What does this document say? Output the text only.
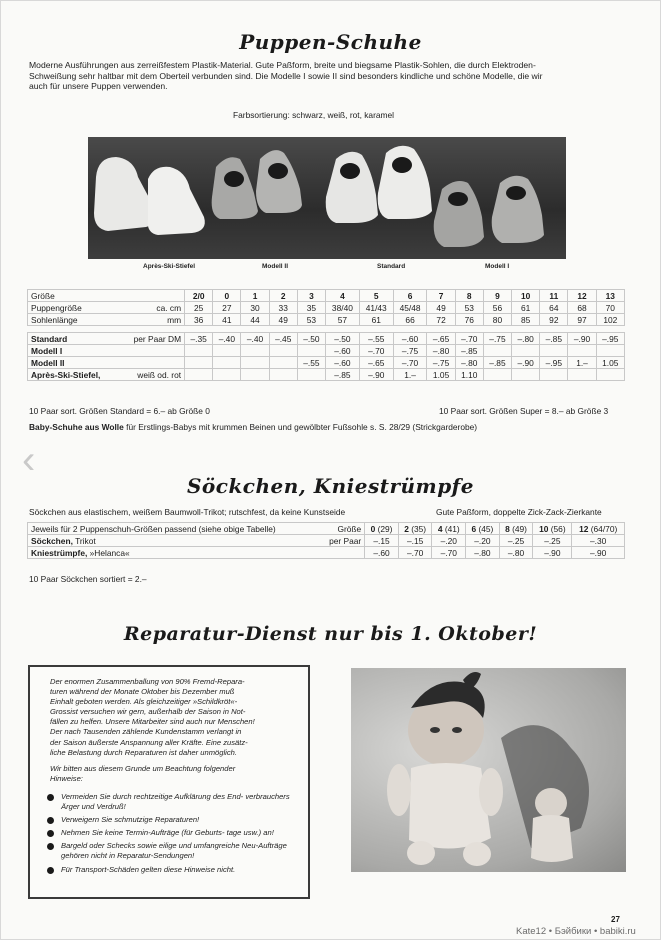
Puppen-Schuhe
Moderne Ausführungen aus zerreißfestem Plastik-Material. Gute Paßform, breite und biegsame Plastik-Sohlen, die durch Elektroden-
Schweißung sehr haltbar mit dem Oberteil verbunden sind. Die Modelle I sowie II sind besonders kindliche und schöne Modelle, die wir
auch für unsere Puppen verwenden.
Farbsortierung: schwarz, weiß, rot, karamel
Après-Ski-Stiefel	Modell II	Standard	Modell I
Größe		2/0	0	1	2	3	4	5	6	7	8	9	10	11	12	13
Puppengröße	ca. cm	25	27	30	33	35	38/40	41/43	45/48	49	53	56	61	64	68	70
Sohlenlänge	mm	36	41	44	49	53	57	61	66	72	76	80	85	92	97	102

Standard	per Paar DM	–.35	–.40	–.40	–.45	–.50	–.50	–.55	–.60	–.65	–.70	–.75	–.80	–.85	–.90	–.95
Modell I							–.60	–.70	–.75	–.80	–.85					
Modell II						–.55	–.60	–.65	–.70	–.75	–.80	–.85	–.90	–.95	1.–	1.05
Après-Ski-Stiefel,	weiß od. rot						–.85	–.90	1.–	1.05	1.10					
10 Paar sort. Größen Standard = 6.– ab Größe 0	10 Paar sort. Größen Super = 8.– ab Größe 3
Baby-Schuhe aus Wolle für Erstlings-Babys mit krummen Beinen und gewölbter Fußsohle s. S. 28/29 (Strickgarderobe)
‹
Söckchen, Kniestrümpfe
Söckchen aus elastischem, weißem Baumwoll-Trikot; rutschfest, da keine Kunstseide	Gute Paßform, doppelte Zick-Zack-Zierkante
Jeweils für 2 Puppenschuh-Größen passend (siehe obige Tabelle)	Größe	0 (29)	2 (35)	4 (41)	6 (45)	8 (49)	10 (56)	12 (64/70)
Söckchen, Trikot	per Paar	–.15	–.15	–.20	–.20	–.25	–.25	–.30
Kniestrümpfe, »Helanca«		–.60	–.70	–.70	–.80	–.80	–.90	–.90
10 Paar Söckchen sortiert = 2.–
Reparatur-Dienst nur bis 1. Oktober!
Der enormen Zusammenballung von 90% Fremd-Repara-
turen während der Monate Oktober bis Dezember muß
Einhalt geboten werden. Als gleichzeitiger »Schildkröt«-
Grossist versuchen wir gern, außerhalb der Saison in Not-
fällen zu helfen. Unsere Mitarbeiter sind auch nur Menschen!
Der nach Tausenden zählende Kundenstamm verlangt in
der Saison äußerste Anspannung aller Kräfte. Eine zusätz-
liche Belastung durch Reparaturen ist daher unmöglich.
Wir bitten aus diesem Grunde um Beachtung folgender
Hinweise:
Vermeiden Sie durch rechtzeitige Aufklärung des End- verbrauchers Ärger und Verdruß!
Verweigern Sie schmutzige Reparaturen!
Nehmen Sie keine Termin-Aufträge (für Geburts- tage usw.) an!
Bargeld oder Schecks sowie eilige und umfangreiche Neu-Aufträge gehören nicht in Reparatur-Sendungen!
Für Transport-Schäden gelten diese Hinweise nicht.
27
Kate12 • Бэйбики • babiki.ru
